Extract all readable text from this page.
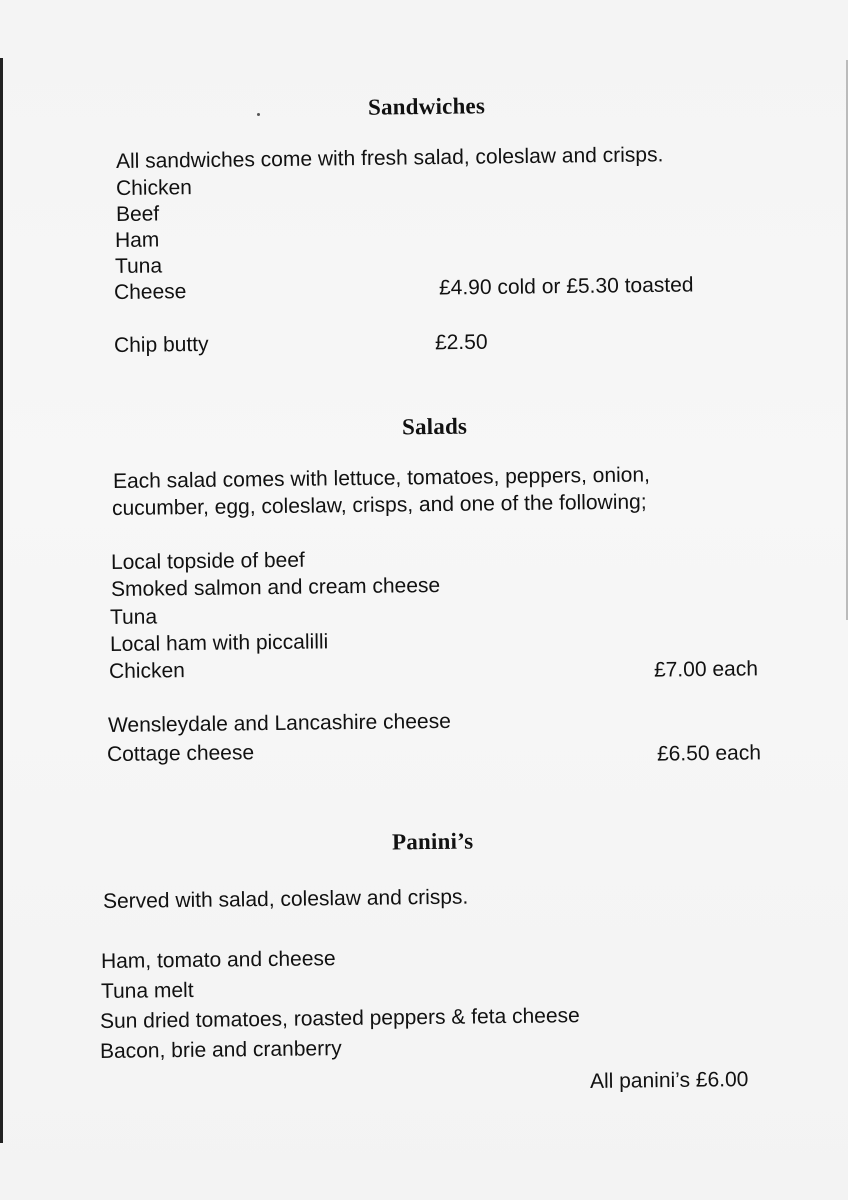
Sandwiches
All sandwiches come with fresh salad, coleslaw and crisps.
Chicken
Beef
Ham
Tuna
Cheese	£4.90 cold or £5.30 toasted
Chip butty	£2.50
Salads
Each salad comes with lettuce, tomatoes, peppers, onion,
cucumber, egg, coleslaw, crisps, and one of the following;
Local topside of beef
Smoked salmon and cream cheese
Tuna
Local ham with piccalilli
Chicken	£7.00 each
Wensleydale and Lancashire cheese
Cottage cheese	£6.50 each
Panini’s
Served with salad, coleslaw and crisps.
Ham, tomato and cheese
Tuna melt
Sun dried tomatoes, roasted peppers & feta cheese
Bacon, brie and cranberry
All panini’s £6.00
